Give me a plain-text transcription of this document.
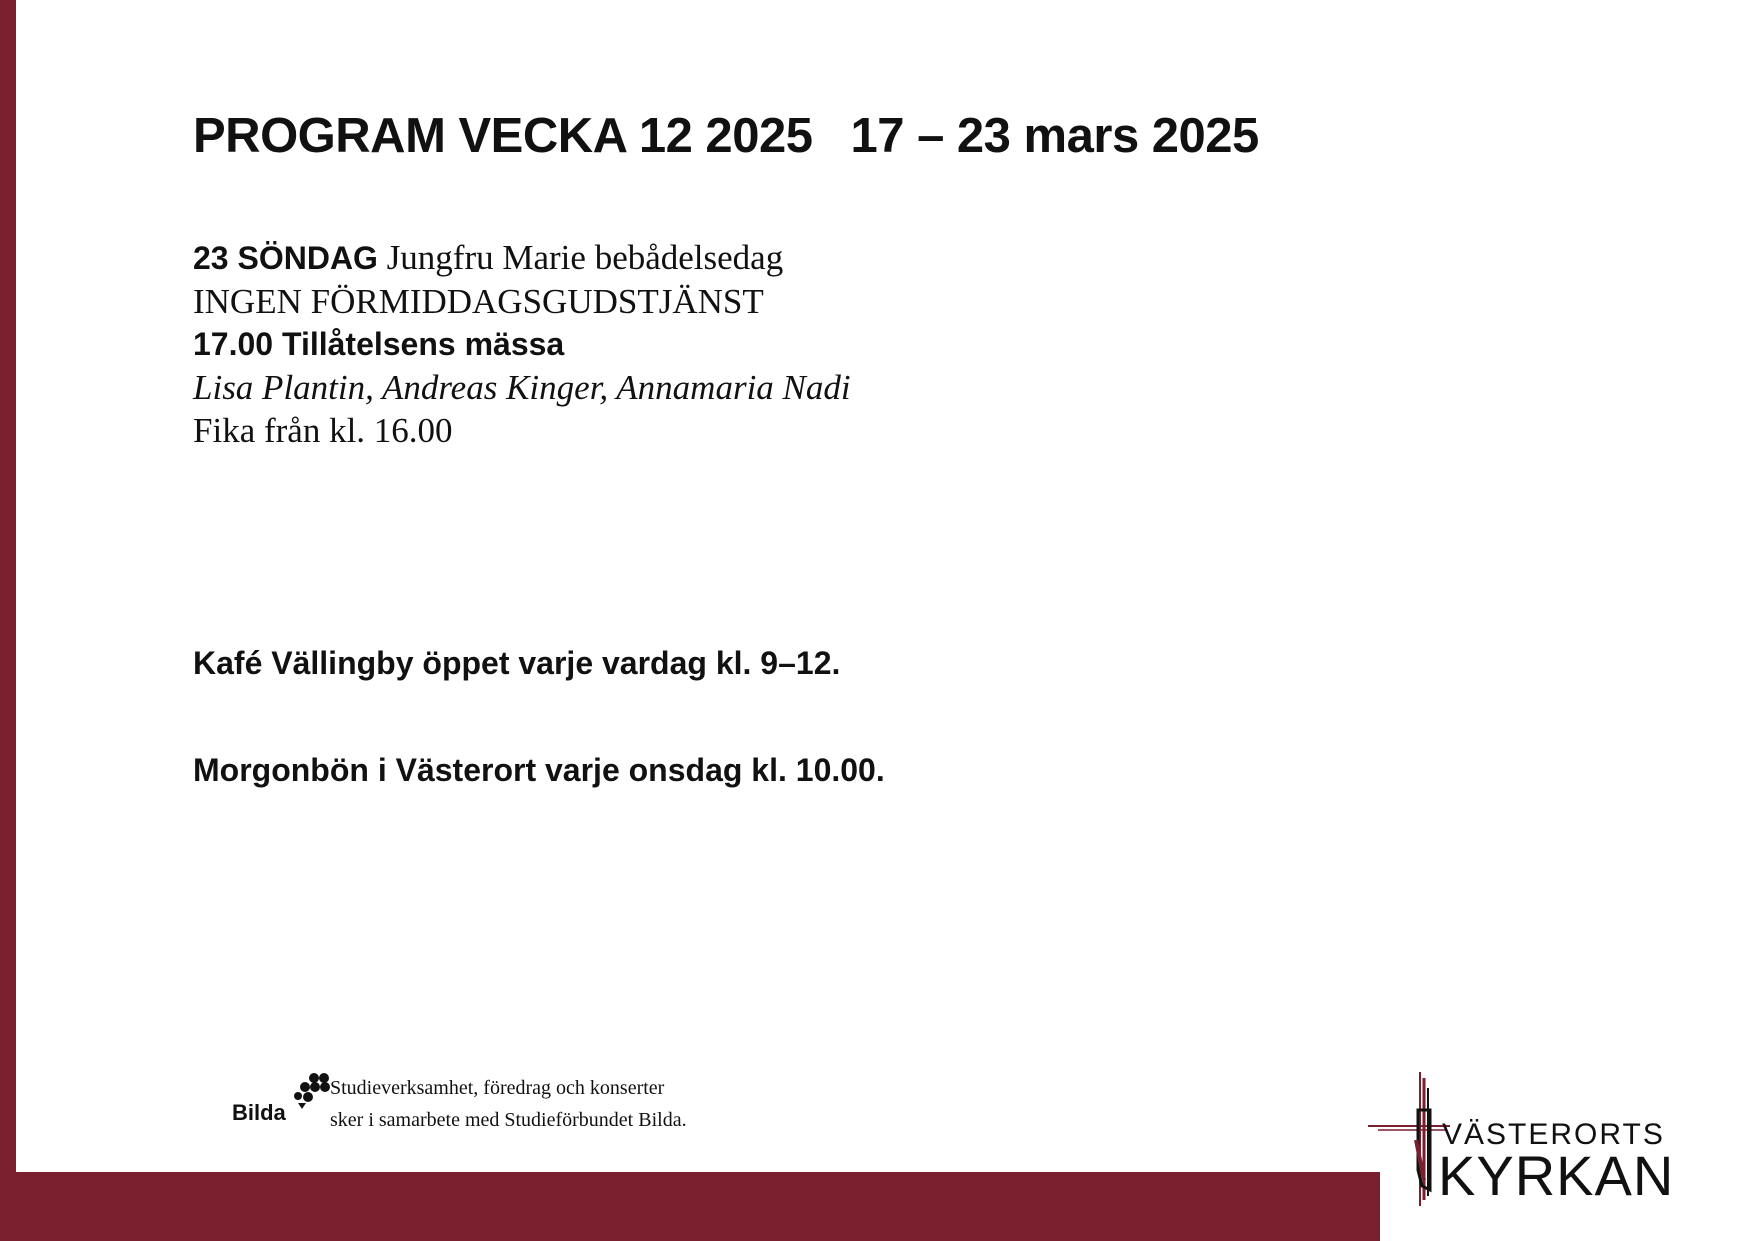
PROGRAM VECKA 12 2025 17 – 23 mars 2025
23 SÖNDAG Jungfru Marie bebådelsedag
INGEN FÖRMIDDAGSGUDSTJÄNST
17.00 Tillåtelsens mässa
Lisa Plantin, Andreas Kinger, Annamaria Nadi
Fika från kl. 16.00

Kafé Vällingby öppet varje vardag kl. 9–12.

Morgonbön i Västerort varje onsdag kl. 10.00.

Bilda
Studieverksamhet, föredrag och konserter
sker i samarbete med Studieförbundet Bilda.	VÄSTERORTS
KYRKAN
